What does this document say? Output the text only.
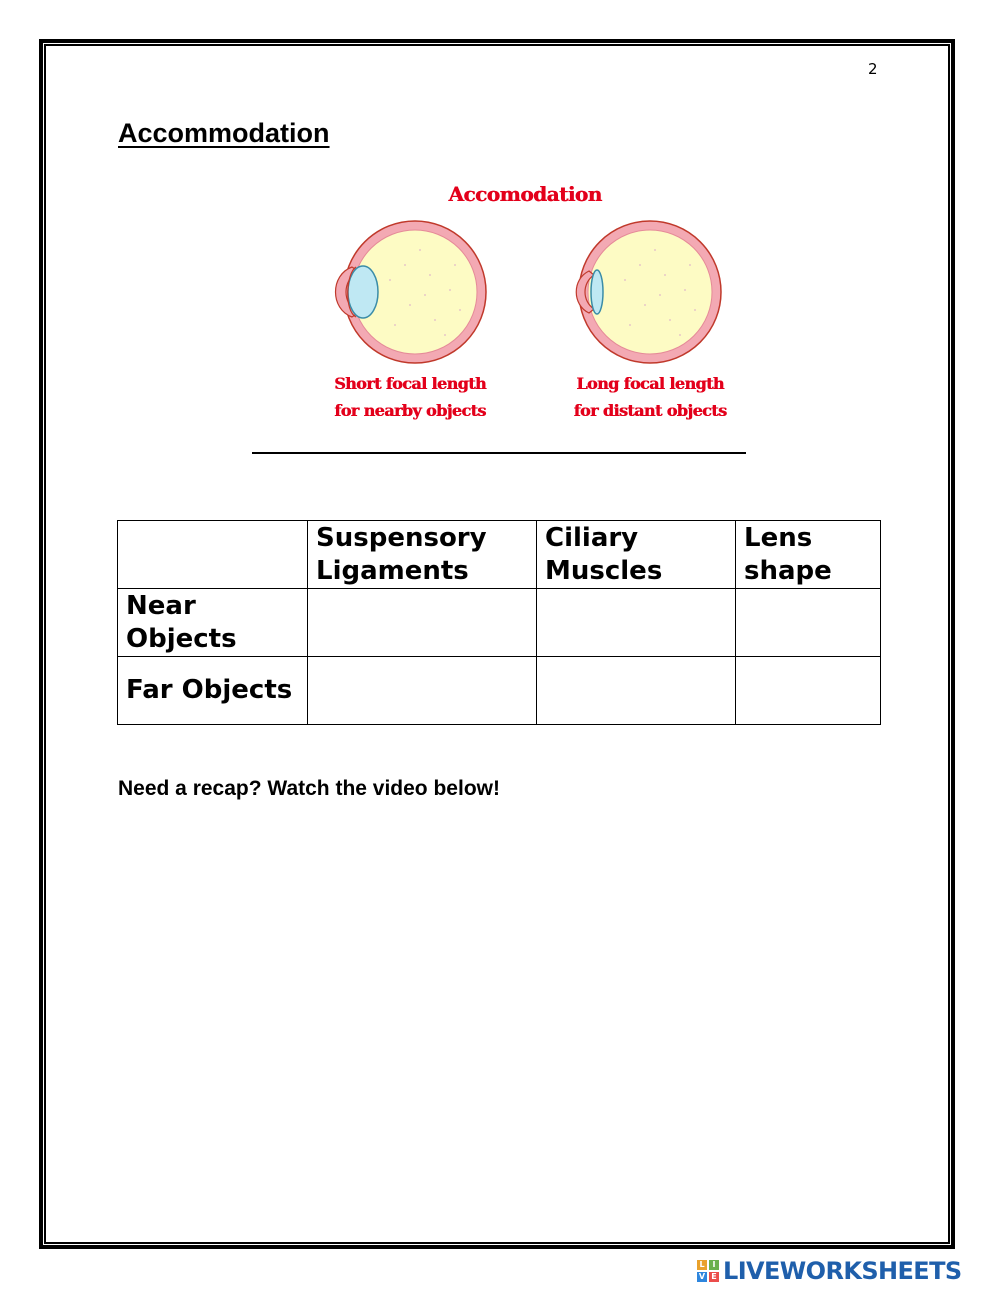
2
Accommodation
Accomodation
Short focal length
for nearby objects
Long focal length
for distant objects
	Suspensory Ligaments	Ciliary Muscles	Lens shape
Near Objects			
Far Objects			
Need a recap? Watch the video below!
L I
V E LIVEWORKSHEETS
